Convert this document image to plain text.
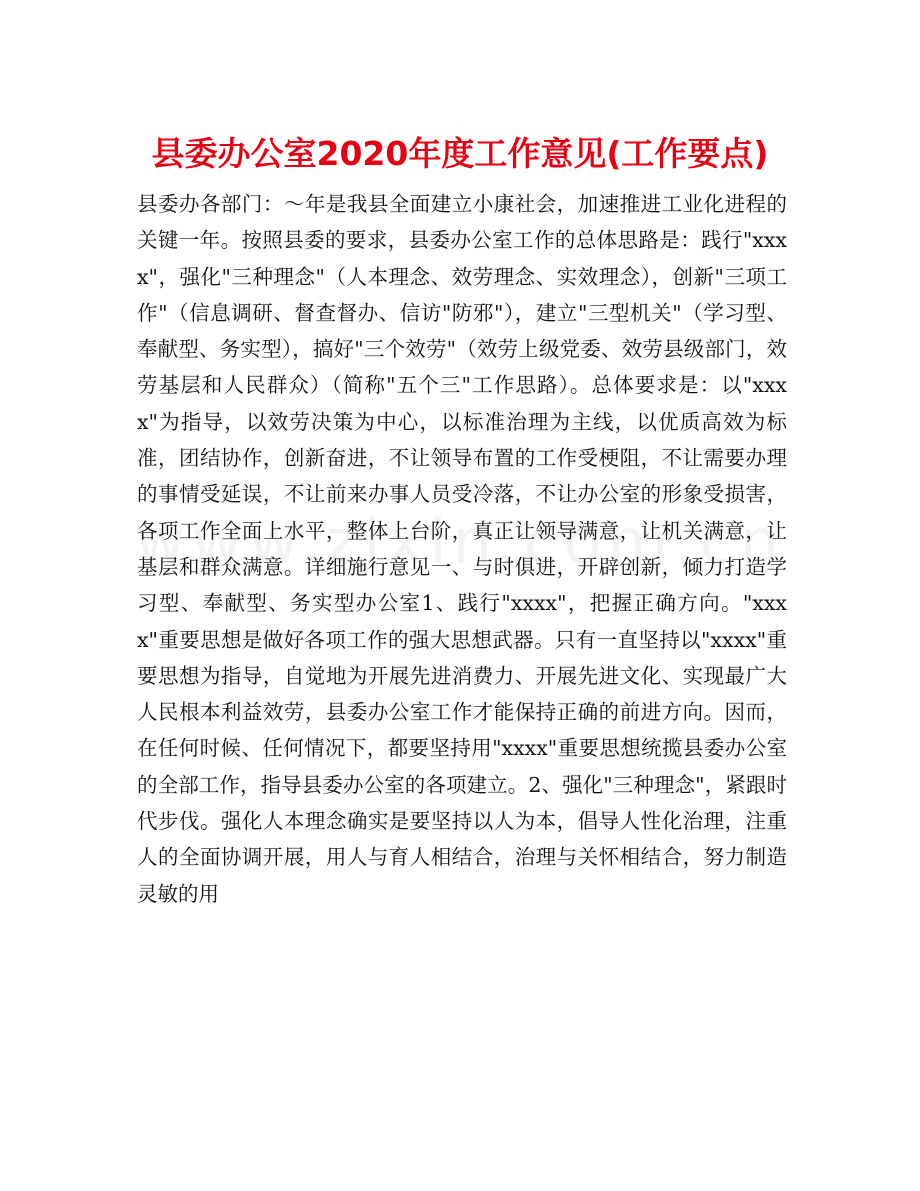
县委办公室2020年度工作意见(工作要点)

县委办各部门：～年是我县全面建立小康社会，加速推进工业化进程的关键一年。按照县委的要求，县委办公室工作的总体思路是：践行"xxxx"，强化"三种理念"（人本理念、效劳理念、实效理念），创新"三项工作"（信息调研、督查督办、信访"防邪"），建立"三型机关"（学习型、奉献型、务实型），搞好"三个效劳"（效劳上级党委、效劳县级部门，效劳基层和人民群众）（简称"五个三"工作思路）。总体要求是：以"xxxx"为指导，以效劳决策为中心，以标准治理为主线，以优质高效为标准，团结协作，创新奋进，不让领导布置的工作受梗阻，不让需要办理的事情受延误，不让前来办事人员受冷落，不让办公室的形象受损害，各项工作全面上水平，整体上台阶，真正让领导满意，让机关满意，让基层和群众满意。详细施行意见一、与时俱进，开辟创新，倾力打造学习型、奉献型、务实型办公室1、践行"xxxx"，把握正确方向。"xxxx"重要思想是做好各项工作的强大思想武器。只有一直坚持以"xxxx"重要思想为指导，自觉地为开展先进消费力、开展先进文化、实现最广大人民根本利益效劳，县委办公室工作才能保持正确的前进方向。因而，在任何时候、任何情况下，都要坚持用"xxxx"重要思想统揽县委办公室的全部工作，指导县委办公室的各项建立。2、强化"三种理念"，紧跟时代步伐。强化人本理念确实是要坚持以人为本，倡导人性化治理，注重人的全面协调开展，用人与育人相结合，治理与关怀相结合，努力制造灵敏的用
